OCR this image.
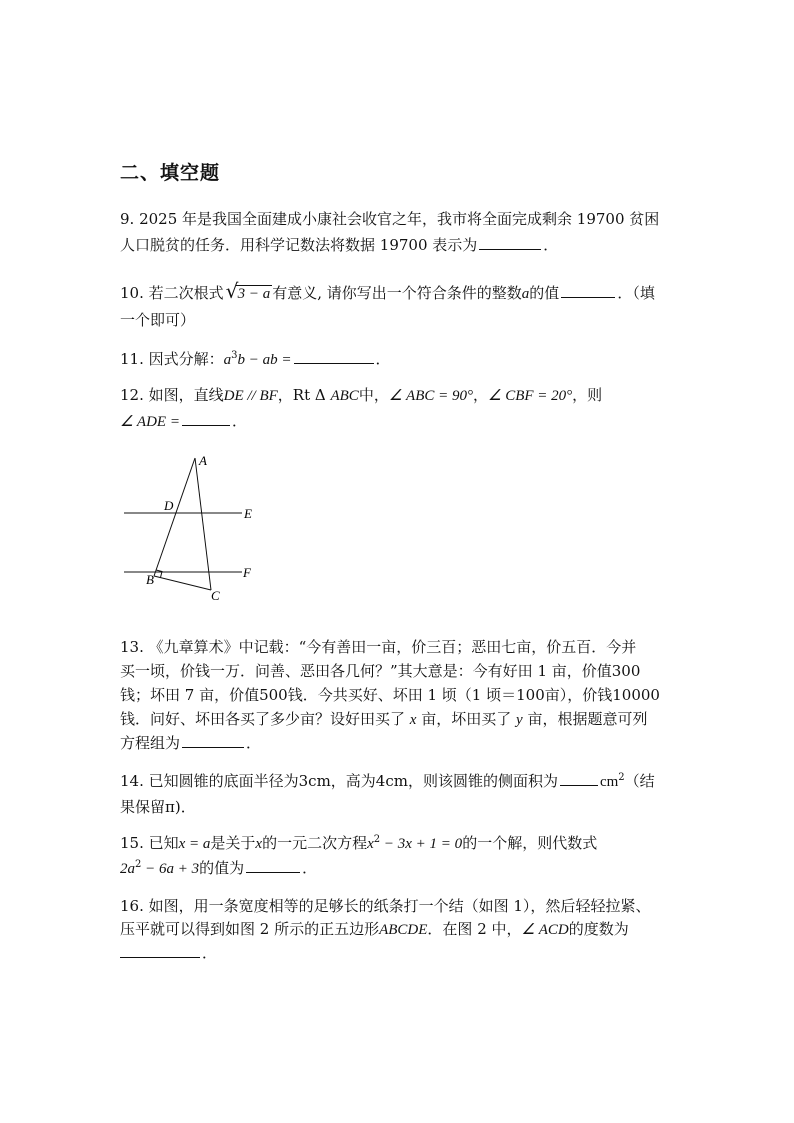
二、填空题
9. 2025 年是我国全面建成小康社会收官之年，我市将全面完成剩余 19700 贫困
人口脱贫的任务．用科学记数法将数据 19700 表示为	．
10. 若二次根式 √ 3 − a 有意义, 请你写出一个符合条件的整数a的值	．（填
一个即可）
11. 因式分解：$a^3b$ − ab =	．
12. 如图，直线DE // BF，Rt Δ ABC中，∠ ABC = 90°，∠ CBF = 20°，则
∠ ADE =	．
A
D
E
B	F
C
13. 《九章算术》中记载：“今有善田一亩，价三百；恶田七亩，价五百．今并
买一顷，价钱一万．问善、恶田各几何？”其大意是：今有好田 1 亩，价值300
钱；坏田 7 亩，价值500钱．今共买好、坏田 1 顷（1 顷＝100亩），价钱10000
钱．问好、坏田各买了多少亩？设好田买了 x 亩，坏田买了 y 亩，根据题意可列
方程组为	．
14. 已知圆锥的底面半径为3cm，高为4cm，则该圆锥的侧面积为	$cm^2$（结
果保留π)．
15. 已知x = a是关于x的一元二次方程$x^2 - 3x + 1 = 0$的一个解，则代数式
$2a^2 - 6a + 3$的值为	．
16. 如图，用一条宽度相等的足够长的纸条打一个结（如图 1），然后轻轻拉紧、
压平就可以得到如图 2 所示的正五边形ABCDE．在图 2 中，∠ ACD的度数为
．
